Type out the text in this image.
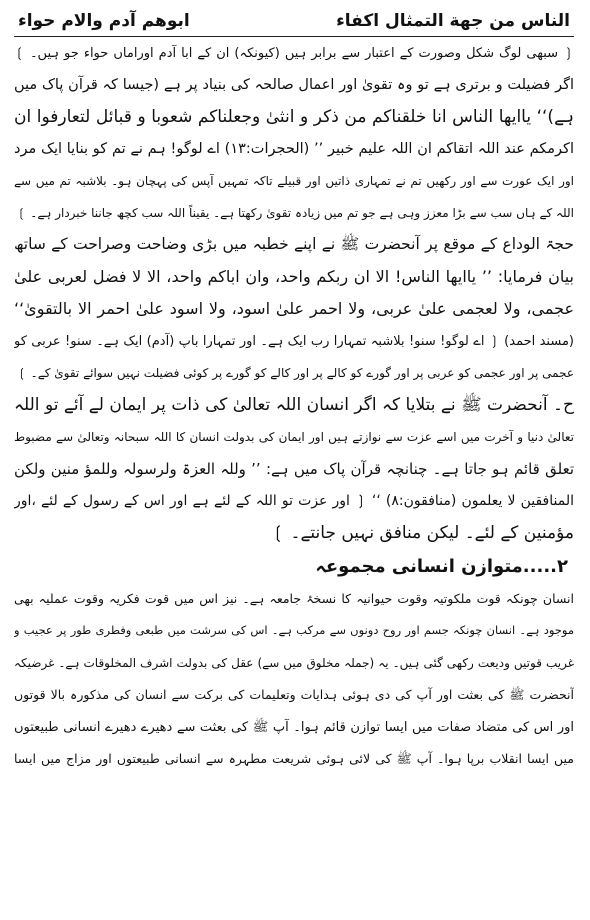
الناس من جهة التمثال اكفاء
ابوهم آدم والام حواء
❲ سبھی لوگ شکل وصورت کے اعتبار سے برابر ہیں (کیونکہ) ان کے ابا آدم اوراماں حواء جو ہیں۔ ❳
اگر فضیلت و برتری ہے تو وہ تقویٰ اور اعمال صالحہ کی بنیاد پر ہے (جیسا کہ قرآن پاک میں
ہے)‘‘ یاایھا الناس انا خلقناکم من ذکر و انثیٰ وجعلناکم شعوبا و قبائل لتعارفوا ان
اکرمکم عند اللہ اتقاکم ان اللہ علیم خبیر ’’ (الحجرات:۱۳) اے لوگو! ہم نے تم کو بنایا ایک مرد
اور ایک عورت سے اور رکھیں تم نے تمہاری ذاتیں اور قبیلے تاکہ تمہیں آپس کی پہچان ہو۔ بلاشبہ تم میں سے
اللہ کے ہاں سب سے بڑا معزز وہی ہے جو تم میں زیادہ تقویٰ رکھتا ہے۔ یقیناً اللہ سب کچھ جاننا خبردار ہے۔ ❳
حجۃ الوداع کے موقع پر آنحضرت ﷺ نے اپنے خطبہ میں بڑی وضاحت وصراحت کے ساتھ
بیان فرمایا: ’’ یاایھا الناس! الا ان ربکم واحد، وان اباکم واحد، الا لا فضل لعربی علیٰ
عجمی، ولا لعجمی علیٰ عربی، ولا احمر علیٰ اسود، ولا اسود علیٰ احمر الا بالتقویٰ‘‘
(مسند احمد) ❲ اے لوگو! سنو! بلاشبہ تمہارا رب ایک ہے۔ اور تمہارا باپ (آدم) ایک ہے۔ سنو! عربی کو
عجمی پر اور عجمی کو عربی پر اور گورے کو کالے پر اور کالے کو گورے پر کوئی فضیلت نہیں سوائے تقویٰ کے۔ ❳
ح۔ آنحضرت ﷺ نے بتلایا کہ اگر انسان اللہ تعالیٰ کی ذات پر ایمان لے آئے تو اللہ
تعالیٰ دنیا و آخرت میں اسے عزت سے نوازتے ہیں اور ایمان کی بدولت انسان کا اللہ سبحانہ وتعالیٰ سے مضبوط
تعلق قائم ہو جاتا ہے۔ چنانچہ قرآن پاک میں ہے: ’’ وللہ العزۃ ولرسولہ وللمؤ منین ولکن
المنافقین لا یعلمون (منافقون:۸) ‘‘ ❲ اور عزت تو اللہ کے لئے ہے اور اس کے رسول کے لئے ،اور
مؤمنین کے لئے۔ لیکن منافق نہیں جانتے۔ ❳
۲.....متوازن انسانی مجموعہ
انسان چونکہ قوت ملکوتیہ وقوت حیوانیہ کا نسخۂ جامعہ ہے۔ نیز اس میں قوت فکریہ وقوت عملیہ بھی
موجود ہے۔ انسان چونکہ جسم اور روح دونوں سے مرکب ہے۔ اس کی سرشت میں طبعی وفطری طور پر عجیب و
غریب قوتیں ودیعت رکھی گئی ہیں۔ یہ (جملہ مخلوق میں سے) عقل کی بدولت اشرف المخلوقات ہے۔ غرضیکہ
آنحضرت ﷺ کی بعثت اور آپ کی دی ہوئی ہدایات وتعلیمات کی برکت سے انسان کی مذکورہ بالا قوتوں
اور اس کی متضاد صفات میں ایسا توازن قائم ہوا۔ آپ ﷺ کی بعثت سے دھیرے دھیرے انسانی طبیعتوں
میں ایسا انقلاب برپا ہوا۔ آپ ﷺ کی لائی ہوئی شریعت مطہرہ سے انسانی طبیعتوں اور مزاج میں ایسا
